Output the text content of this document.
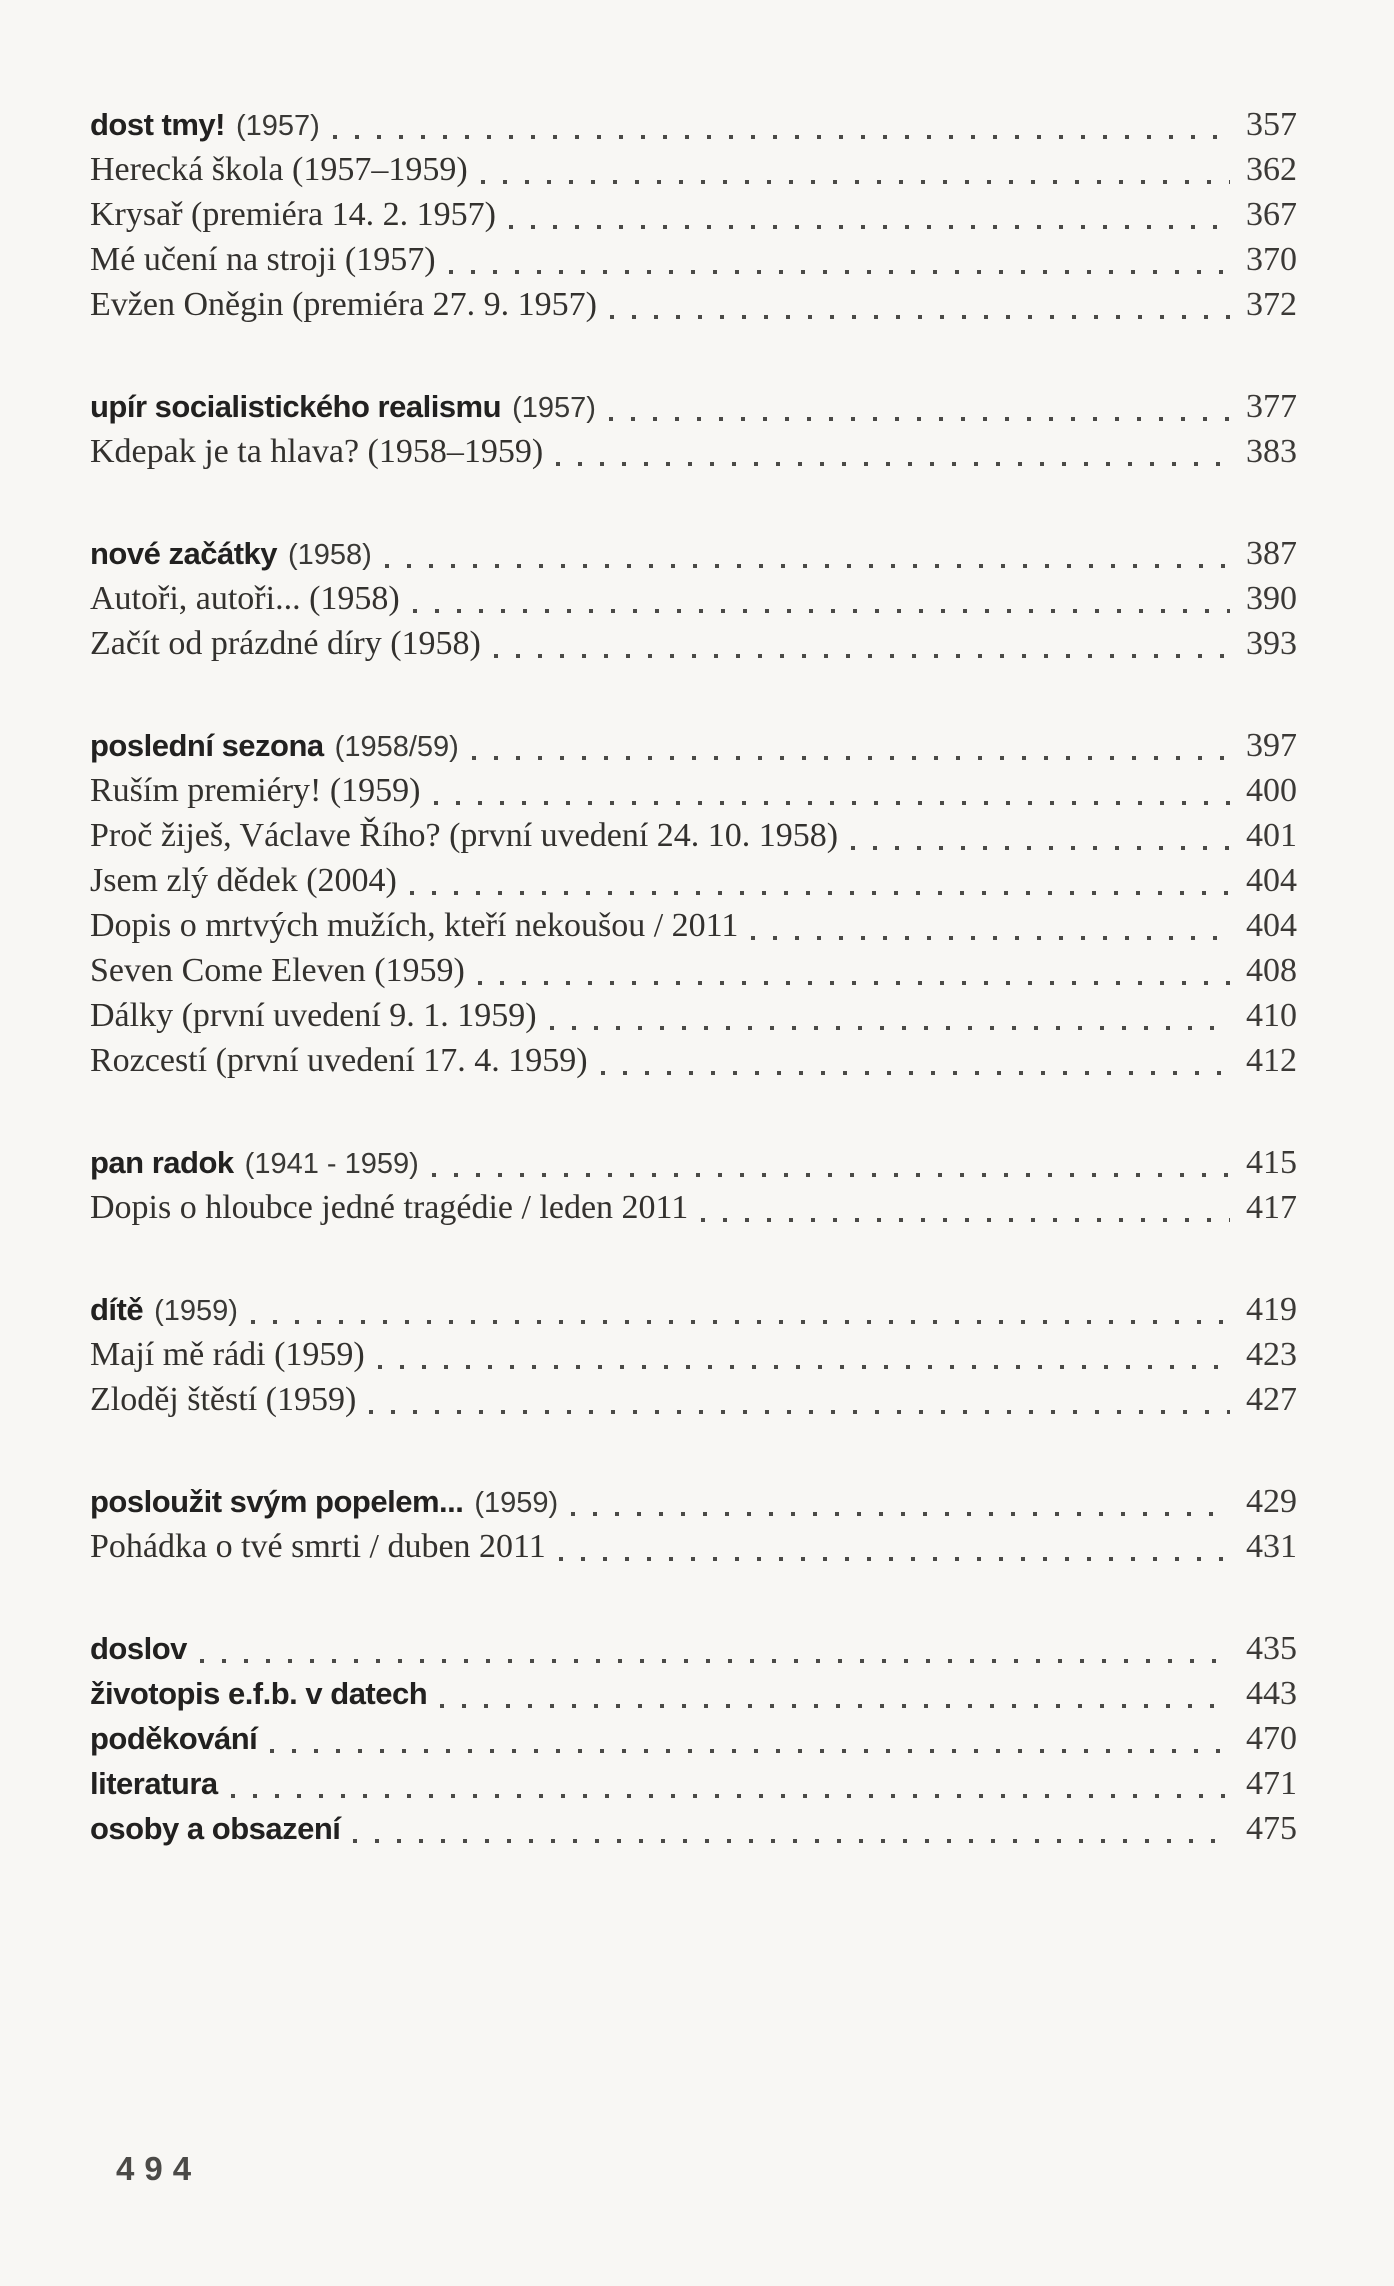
dost tmy! (1957)	357
Herecká škola (1957–1959)	362
Krysař (premiéra 14. 2. 1957)	367
Mé učení na stroji (1957)	370
Evžen Oněgin (premiéra 27. 9. 1957)	372
upír socialistického realismu (1957)	377
Kdepak je ta hlava? (1958–1959)	383
nové začátky (1958)	387
Autoři, autoři... (1958)	390
Začít od prázdné díry (1958)	393
poslední sezona (1958/59)	397
Ruším premiéry! (1959)	400
Proč žiješ, Václave Řího? (první uvedení 24. 10. 1958)	401
Jsem zlý dědek (2004)	404
Dopis o mrtvých mužích, kteří nekoušou / 2011	404
Seven Come Eleven (1959)	408
Dálky (první uvedení 9. 1. 1959)	410
Rozcestí (první uvedení 17. 4. 1959)	412
pan radok (1941 - 1959)	415
Dopis o hloubce jedné tragédie / leden 2011	417
dítě (1959)	419
Mají mě rádi (1959)	423
Zloděj štěstí (1959)	427
posloužit svým popelem... (1959)	429
Pohádka o tvé smrti / duben 2011	431
doslov	435
životopis e.f.b. v datech	443
poděkování	470
literatura	471
osoby a obsazení	475
494
